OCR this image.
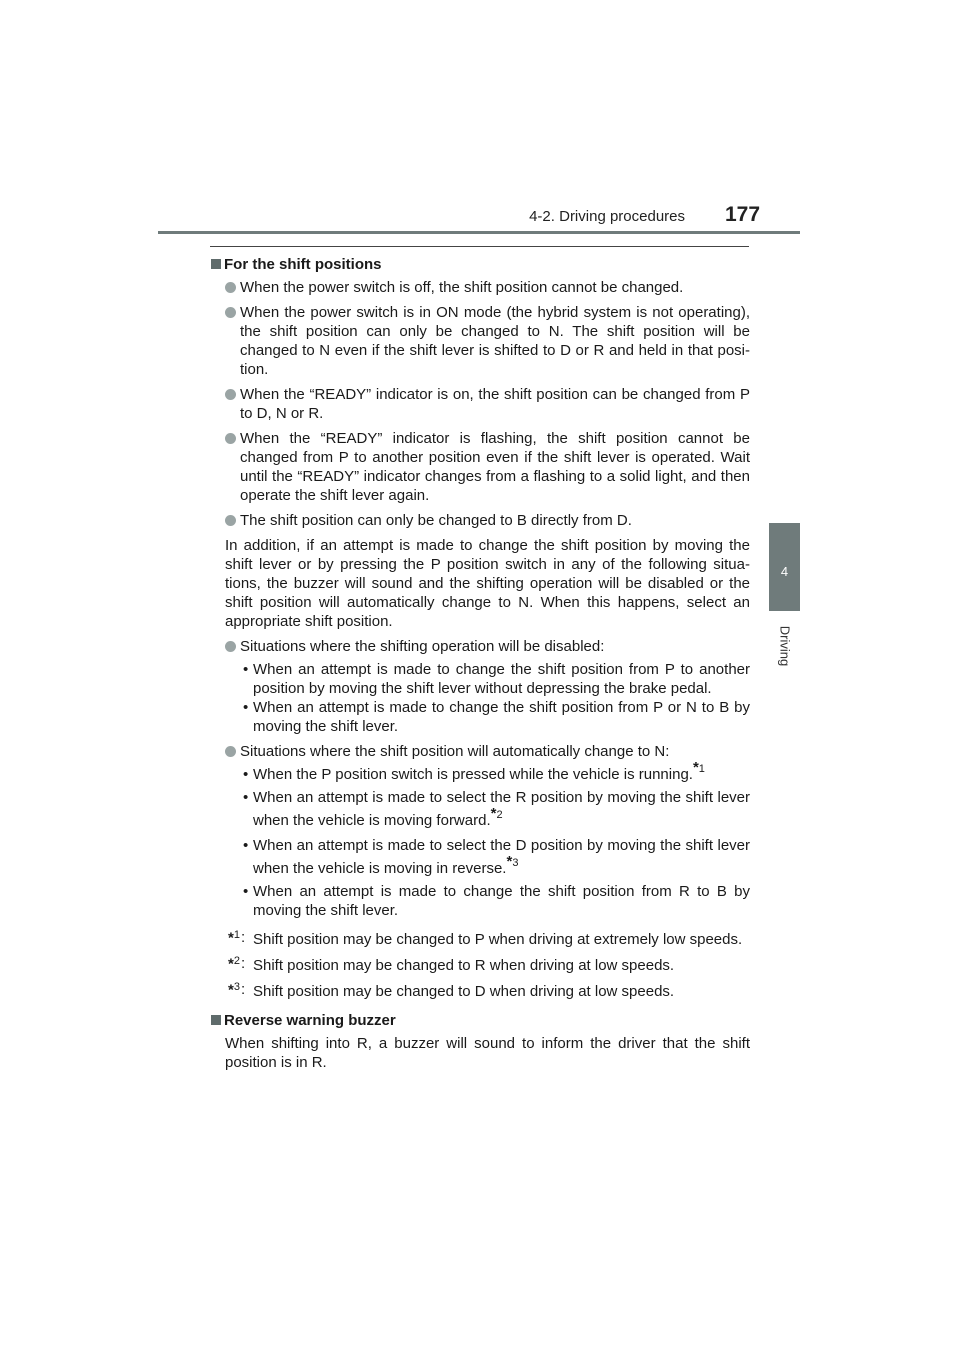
4-2. Driving procedures 177
4
Driving
For the shift positions
When the power switch is off, the shift position cannot be changed.
When the power switch is in ON mode (the hybrid system is not operating), the shift position can only be changed to N. The shift position will be changed to N even if the shift lever is shifted to D or R and held in that posi- tion.
When the “READY” indicator is on, the shift position can be changed from P to D, N or R.
When the “READY” indicator is flashing, the shift position cannot be changed from P to another position even if the shift lever is operated. Wait until the “READY” indicator changes from a flashing to a solid light, and then operate the shift lever again.
The shift position can only be changed to B directly from D.
In addition, if an attempt is made to change the shift position by moving the shift lever or by pressing the P position switch in any of the following situa- tions, the buzzer will sound and the shifting operation will be disabled or the shift position will automatically change to N. When this happens, select an appropriate shift position.
Situations where the shifting operation will be disabled:
• When an attempt is made to change the shift position from P to another position by moving the shift lever without depressing the brake pedal.
• When an attempt is made to change the shift position from P or N to B by moving the shift lever.
Situations where the shift position will automatically change to N:
• When the P position switch is pressed while the vehicle is running.$^{*1}$
• When an attempt is made to select the R position by moving the shift lever when the vehicle is moving forward.$^{*2}$
• When an attempt is made to select the D position by moving the shift lever when the vehicle is moving in reverse.$^{*3}$
• When an attempt is made to change the shift position from R to B by moving the shift lever.
*$^1$: Shift position may be changed to P when driving at extremely low speeds.
*$^2$: Shift position may be changed to R when driving at low speeds.
*$^3$: Shift position may be changed to D when driving at low speeds.
Reverse warning buzzer
When shifting into R, a buzzer will sound to inform the driver that the shift position is in R.
